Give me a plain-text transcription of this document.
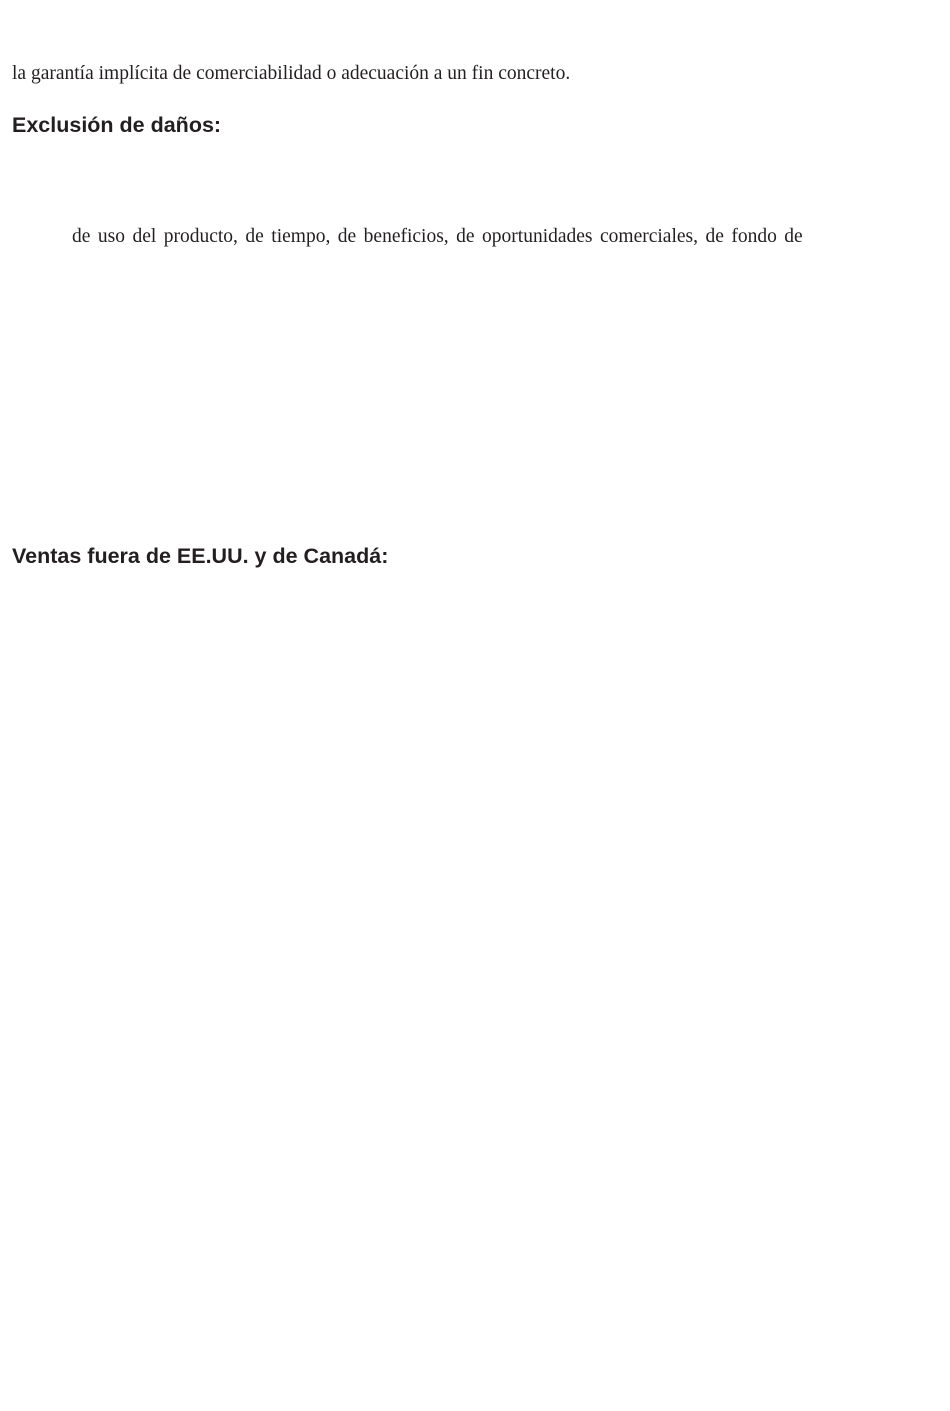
la garantía implícita de comerciabilidad o adecuación a un fin concreto.
Exclusión de daños:
de uso del producto, de tiempo, de beneficios, de oportunidades comerciales, de fondo de
Ventas fuera de EE.UU. y de Canadá:
